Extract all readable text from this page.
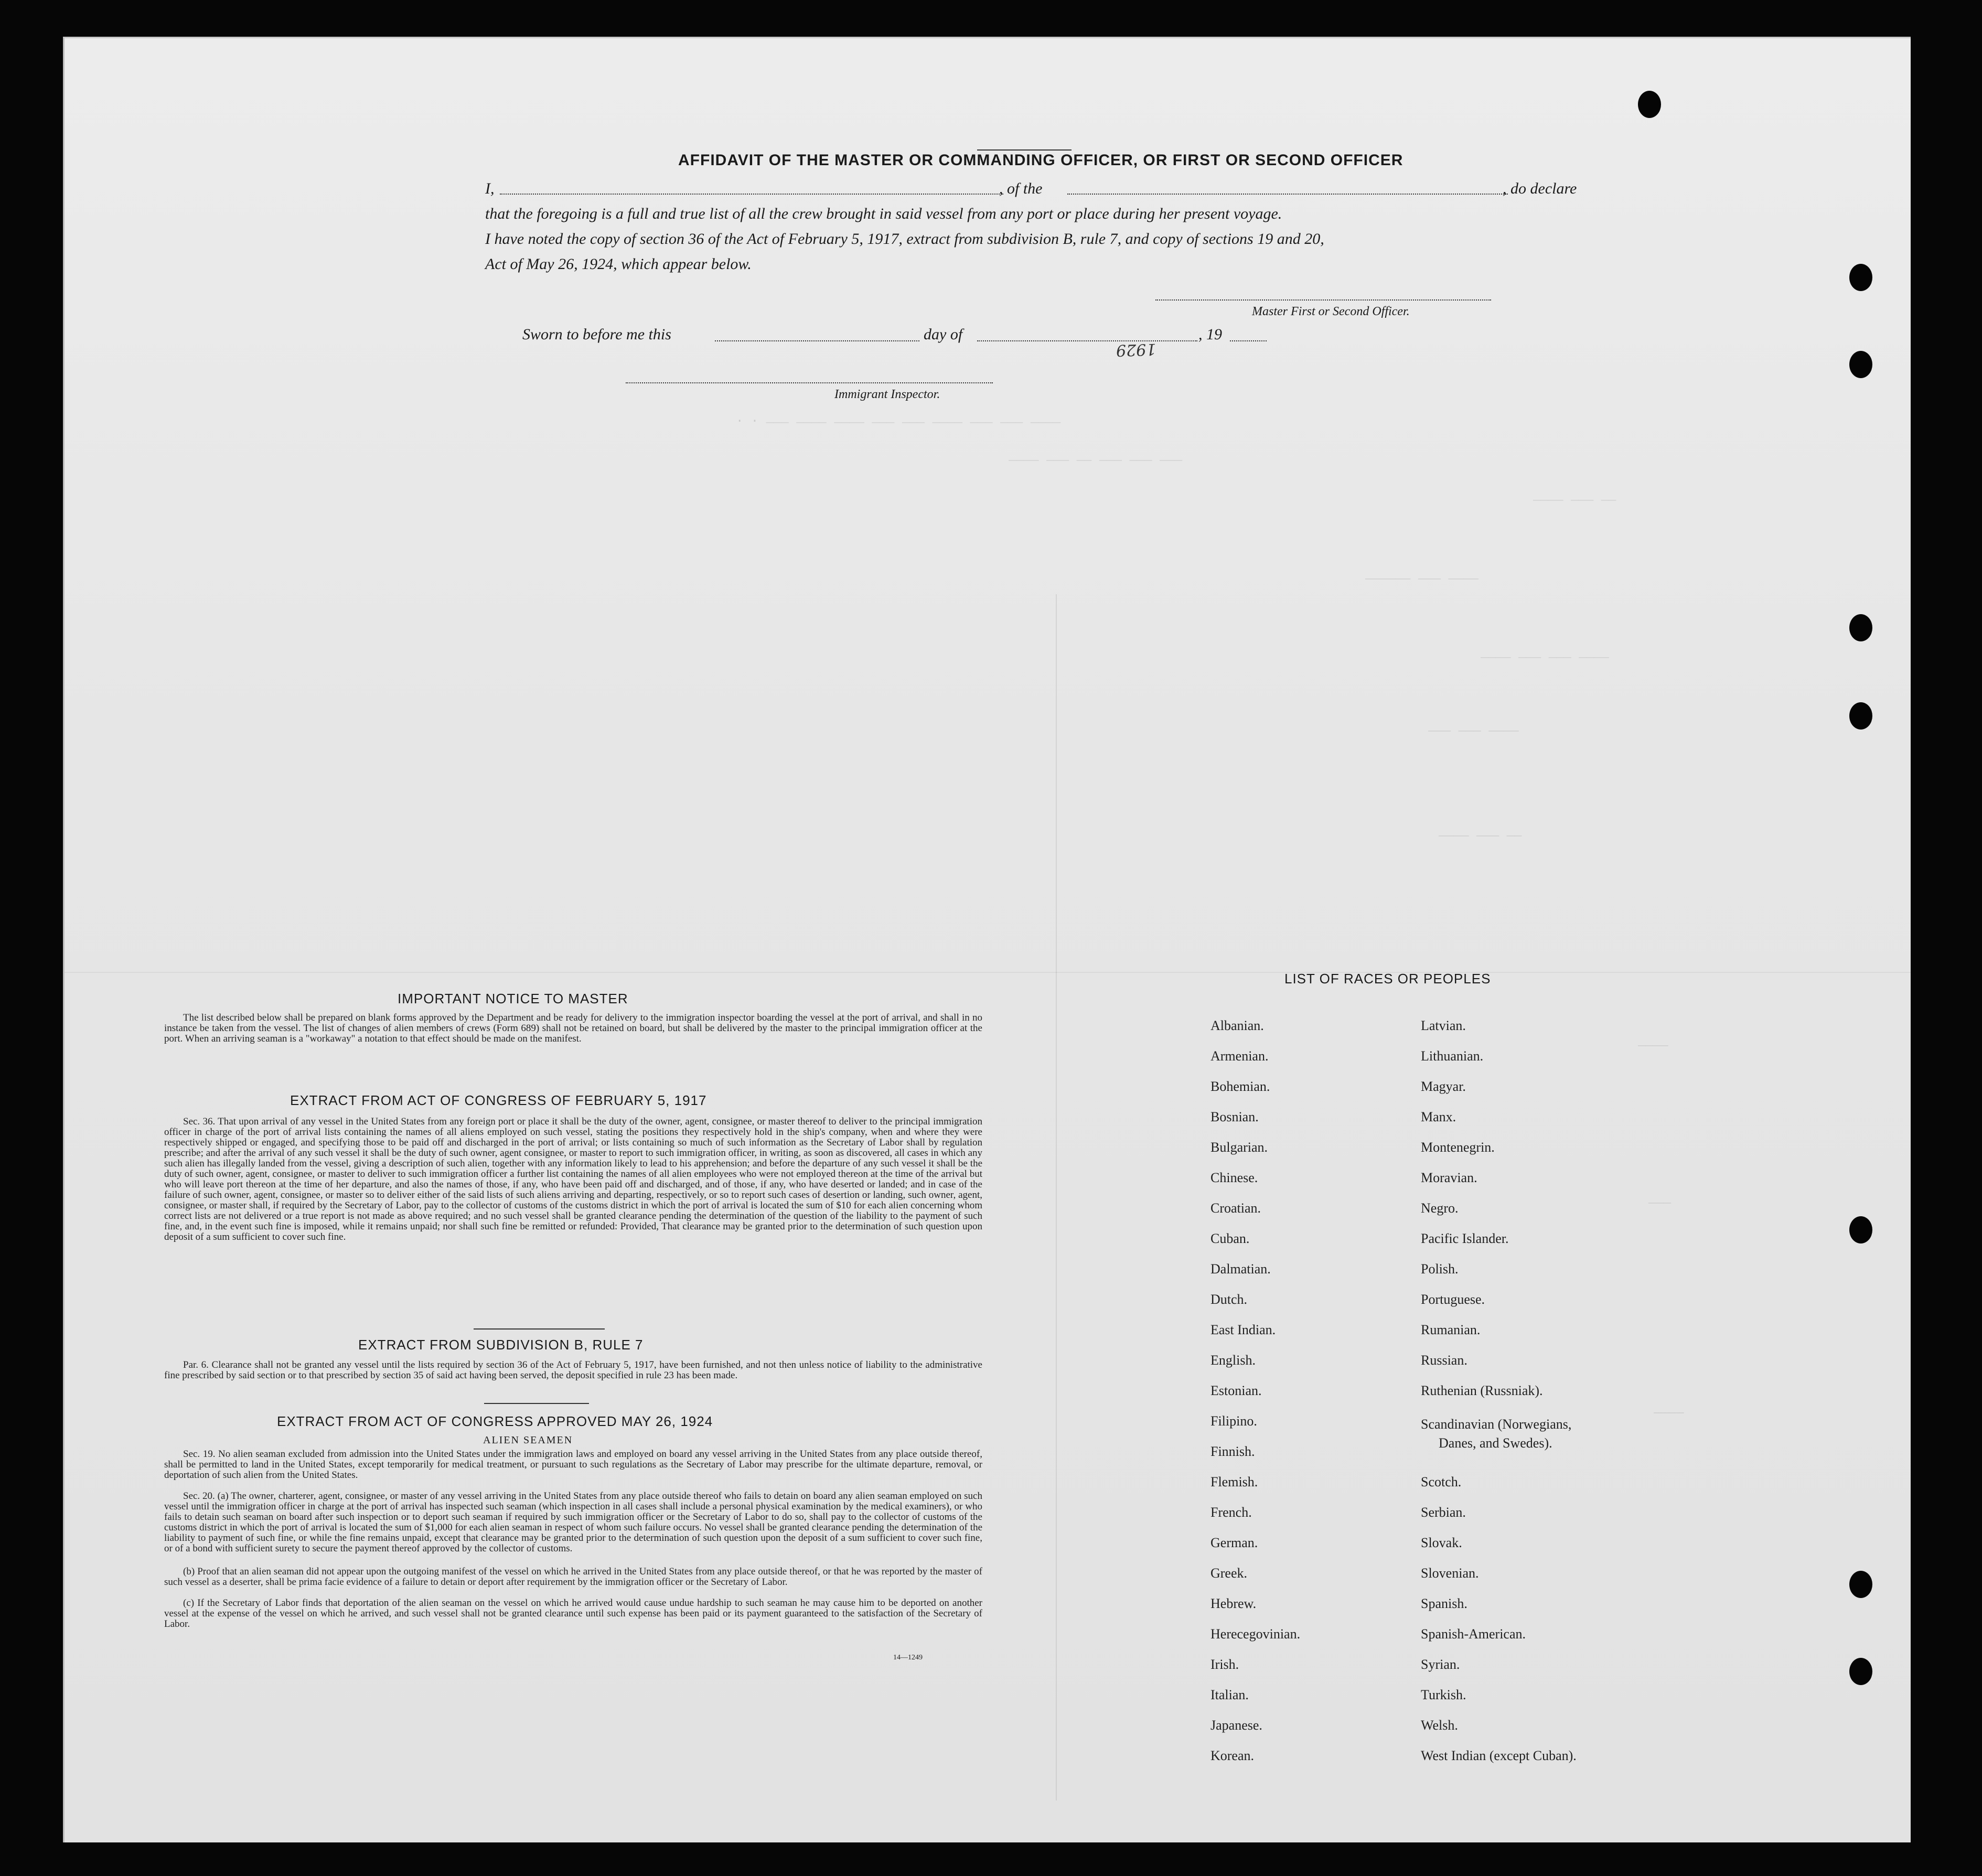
. . ___ ____ ____ ___ ___ ____ ___ ___ ____
____ ___ __ ___ ___ ___
____ ___ __
______ ___ ____
____ ___ ___ ____
___ ___ ____
____ ___ __
____
___
____
AFFIDAVIT OF THE MASTER OR COMMANDING OFFICER, OR FIRST OR SECOND OFFICER
I,	, of the	, do declare
that the foregoing is a full and true list of all the crew brought in said vessel from any port or place during her present voyage.
I have noted the copy of section 36 of the Act of February 5, 1917, extract from subdivision B, rule 7, and copy of sections 19 and 20,
Act of May 26, 1924, which appear below.
Master First or Second Officer.
Sworn to before me this	day of	, 19
1929
Immigrant Inspector.
IMPORTANT NOTICE TO MASTER
The list described below shall be prepared on blank forms approved by the Department and be ready for delivery to the immigration inspector boarding the vessel at the port of arrival, and shall in no instance be taken from the vessel. The list of changes of alien members of crews (Form 689) shall not be retained on board, but shall be delivered by the master to the principal immigration officer at the port. When an arriving seaman is a "workaway" a notation to that effect should be made on the manifest.
EXTRACT FROM ACT OF CONGRESS OF FEBRUARY 5, 1917
Sec. 36. That upon arrival of any vessel in the United States from any foreign port or place it shall be the duty of the owner, agent, consignee, or master thereof to deliver to the principal immigration officer in charge of the port of arrival lists containing the names of all aliens employed on such vessel, stating the positions they respectively hold in the ship's company, when and where they were respectively shipped or engaged, and specifying those to be paid off and discharged in the port of arrival; or lists containing so much of such information as the Secretary of Labor shall by regulation prescribe; and after the arrival of any such vessel it shall be the duty of such owner, agent consignee, or master to report to such immigration officer, in writing, as soon as discovered, all cases in which any such alien has illegally landed from the vessel, giving a description of such alien, together with any information likely to lead to his apprehension; and before the departure of any such vessel it shall be the duty of such owner, agent, consignee, or master to deliver to such immigration officer a further list containing the names of all alien employees who were not employed thereon at the time of the arrival but who will leave port thereon at the time of her departure, and also the names of those, if any, who have been paid off and discharged, and of those, if any, who have deserted or landed; and in case of the failure of such owner, agent, consignee, or master so to deliver either of the said lists of such aliens arriving and departing, respectively, or so to report such cases of desertion or landing, such owner, agent, consignee, or master shall, if required by the Secretary of Labor, pay to the collector of customs of the customs district in which the port of arrival is located the sum of $10 for each alien concerning whom correct lists are not delivered or a true report is not made as above required; and no such vessel shall be granted clearance pending the determination of the question of the liability to the payment of such fine, and, in the event such fine is imposed, while it remains unpaid; nor shall such fine be remitted or refunded: Provided, That clearance may be granted prior to the determination of such question upon deposit of a sum sufficient to cover such fine.
EXTRACT FROM SUBDIVISION B, RULE 7
Par. 6. Clearance shall not be granted any vessel until the lists required by section 36 of the Act of February 5, 1917, have been furnished, and not then unless notice of liability to the administrative fine prescribed by said section or to that prescribed by section 35 of said act having been served, the deposit specified in rule 23 has been made.
EXTRACT FROM ACT OF CONGRESS APPROVED MAY 26, 1924
ALIEN SEAMEN
Sec. 19. No alien seaman excluded from admission into the United States under the immigration laws and employed on board any vessel arriving in the United States from any place outside thereof, shall be permitted to land in the United States, except temporarily for medical treatment, or pursuant to such regulations as the Secretary of Labor may prescribe for the ultimate departure, removal, or deportation of such alien from the United States.
Sec. 20. (a) The owner, charterer, agent, consignee, or master of any vessel arriving in the United States from any place outside thereof who fails to detain on board any alien seaman employed on such vessel until the immigration officer in charge at the port of arrival has inspected such seaman (which inspection in all cases shall include a personal physical examination by the medical examiners), or who fails to detain such seaman on board after such inspection or to deport such seaman if required by such immigration officer or the Secretary of Labor to do so, shall pay to the collector of customs of the customs district in which the port of arrival is located the sum of $1,000 for each alien seaman in respect of whom such failure occurs. No vessel shall be granted clearance pending the determination of the liability to payment of such fine, or while the fine remains unpaid, except that clearance may be granted prior to the determination of such question upon the deposit of a sum sufficient to cover such fine, or of a bond with sufficient surety to secure the payment thereof approved by the collector of customs.
(b) Proof that an alien seaman did not appear upon the outgoing manifest of the vessel on which he arrived in the United States from any place outside thereof, or that he was reported by the master of such vessel as a deserter, shall be prima facie evidence of a failure to detain or deport after requirement by the immigration officer or the Secretary of Labor.
(c) If the Secretary of Labor finds that deportation of the alien seaman on the vessel on which he arrived would cause undue hardship to such seaman he may cause him to be deported on another vessel at the expense of the vessel on which he arrived, and such vessel shall not be granted clearance until such expense has been paid or its payment guaranteed to the satisfaction of the Secretary of Labor.
14—1249
LIST OF RACES OR PEOPLES
Albanian.
Armenian.
Bohemian.
Bosnian.
Bulgarian.
Chinese.
Croatian.
Cuban.
Dalmatian.
Dutch.
East Indian.
English.
Estonian.
Filipino.
Finnish.
Flemish.
French.
German.
Greek.
Hebrew.
Herecegovinian.
Irish.
Italian.
Japanese.
Korean.
Latvian.
Lithuanian.
Magyar.
Manx.
Montenegrin.
Moravian.
Negro.
Pacific Islander.
Polish.
Portuguese.
Rumanian.
Russian.
Ruthenian (Russniak).
Scandinavian (Norwegians,
Danes, and Swedes).
Scotch.
Serbian.
Slovak.
Slovenian.
Spanish.
Spanish-American.
Syrian.
Turkish.
Welsh.
West Indian (except Cuban).
